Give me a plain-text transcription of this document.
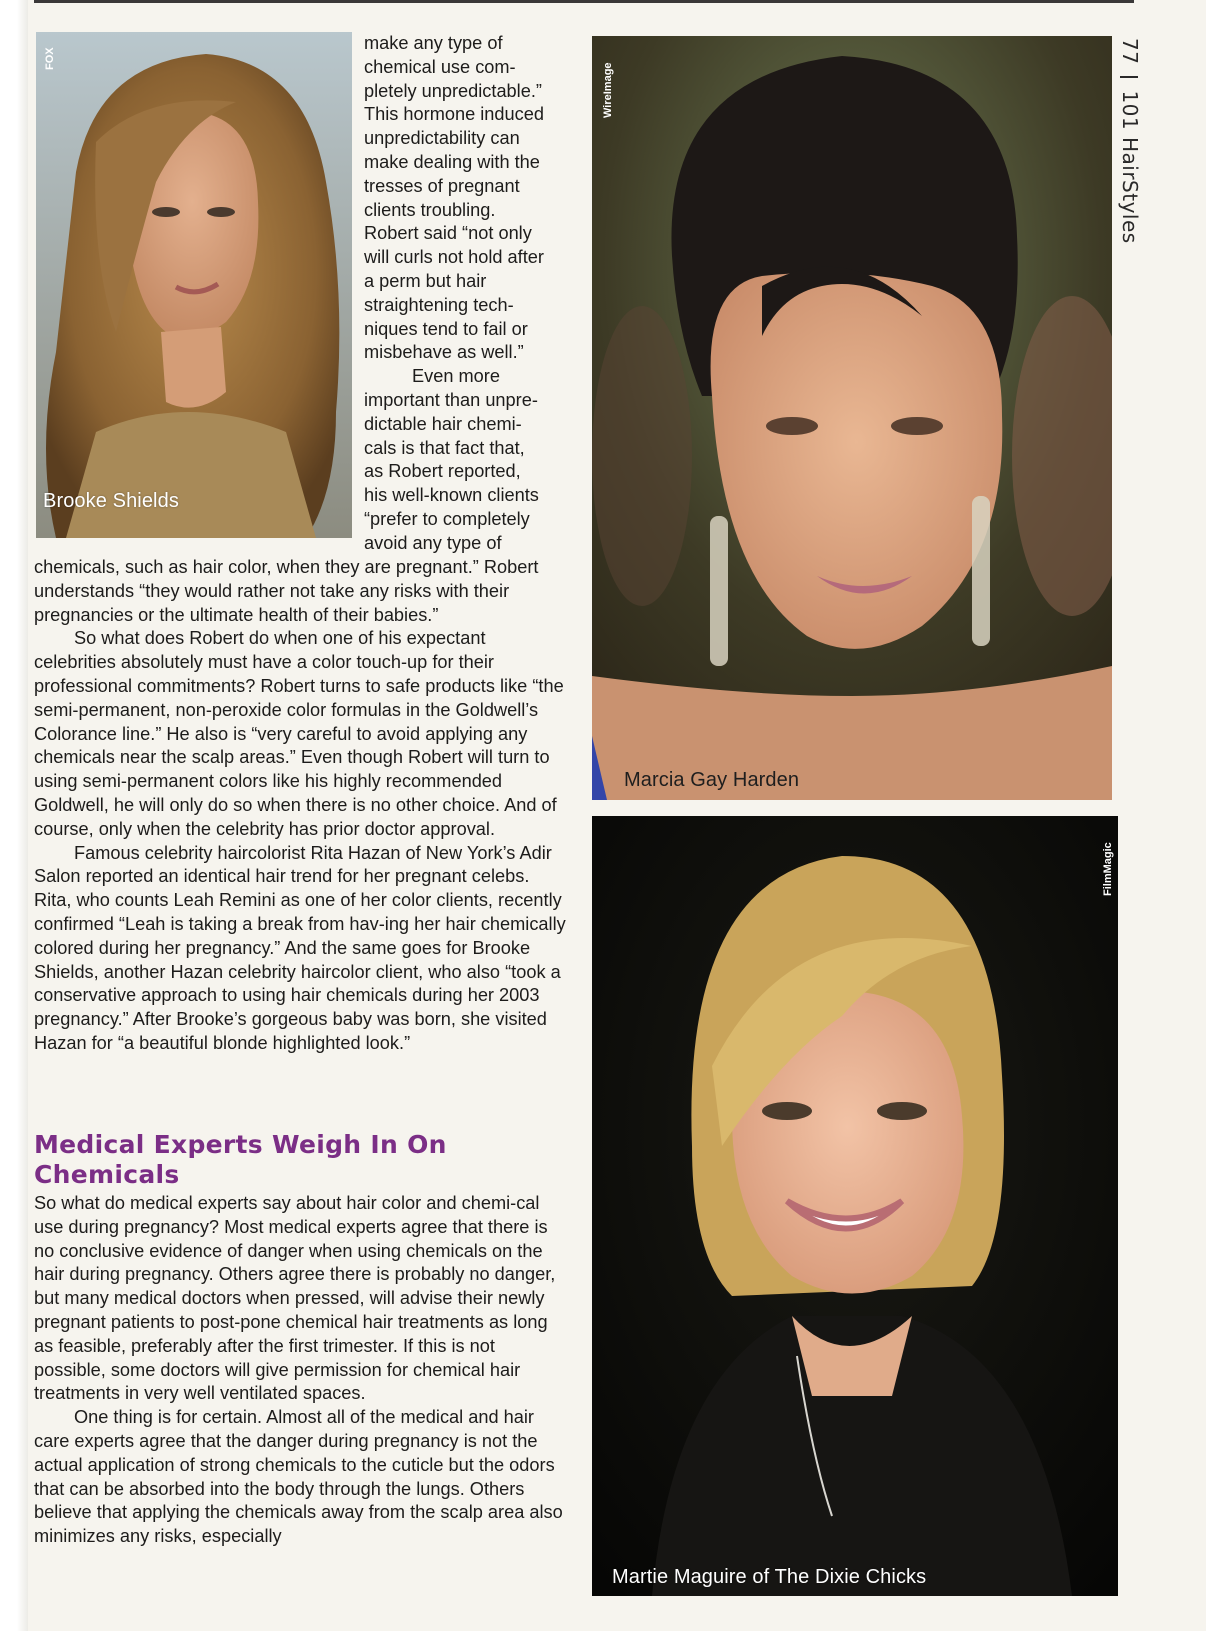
FOX
Brooke Shields
WireImage
Marcia Gay Harden
FilmMagic
Martie Maguire of The Dixie Chicks

make any type of

chemical use com-

pletely unpredictable.”

This hormone induced

unpredictability can

make dealing with the

tresses of pregnant

clients troubling.

Robert said “not only

will curls not hold after

a perm but hair

straightening tech-

niques tend to fail or

misbehave as well.”

Even more

important than unpre-

dictable hair chemi-

cals is that fact that,

as Robert reported,

his well-known clients

“prefer to completely

avoid any type of

chemicals, such as hair color, when they are pregnant.” Robert understands “they would rather not take any risks with their pregnancies or the ultimate health of their babies.”

So what does Robert do when one of his expectant celebrities absolutely must have a color touch-up for their professional commitments? Robert turns to safe products like “the semi-permanent, non-peroxide color formulas in the Goldwell’s Colorance line.” He also is “very careful to avoid applying any chemicals near the scalp areas.” Even though Robert will turn to using semi-permanent colors like his highly recommended Goldwell, he will only do so when there is no other choice. And of course, only when the celebrity has prior doctor approval.

Famous celebrity haircolorist Rita Hazan of New York’s Adir Salon reported an identical hair trend for her pregnant celebs. Rita, who counts Leah Remini as one of her color clients, recently confirmed “Leah is taking a break from hav-ing her hair chemically colored during her pregnancy.” And the same goes for Brooke Shields, another Hazan celebrity haircolor client, who also “took a conservative approach to using hair chemicals during her 2003 pregnancy.” After Brooke’s gorgeous baby was born, she visited Hazan for “a beautiful blonde highlighted look.”

Medical Experts Weigh In On Chemicals

So what do medical experts say about hair color and chemi-cal use during pregnancy? Most medical experts agree that there is no conclusive evidence of danger when using chemicals on the hair during pregnancy. Others agree there is probably no danger, but many medical doctors when pressed, will advise their newly pregnant patients to post-pone chemical hair treatments as long as feasible, preferably after the first trimester. If this is not possible, some doctors will give permission for chemical hair treatments in very well ventilated spaces.

One thing is for certain. Almost all of the medical and hair care experts agree that the danger during pregnancy is not the actual application of strong chemicals to the cuticle but the odors that can be absorbed into the body through the lungs. Others believe that applying the chemicals away from the scalp area also minimizes any risks, especially

77101 HairStyles
